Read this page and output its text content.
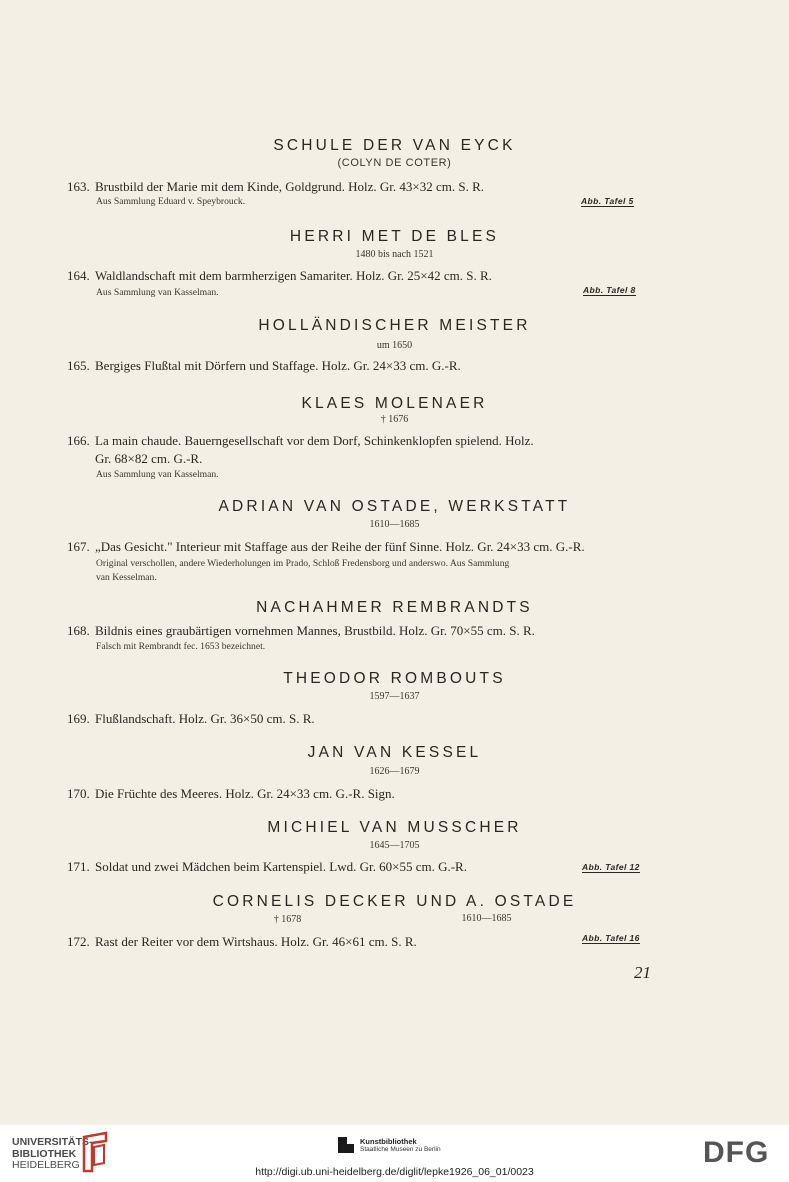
SCHULE DER VAN EYCK
(COLYN DE COTER)
163. Brustbild der Marie mit dem Kinde, Goldgrund. Holz. Gr. 43×32 cm. S. R.
Aus Sammlung Eduard v. Speybrouck.	Abb. Tafel 5
HERRI MET DE BLES
1480 bis nach 1521
164. Waldlandschaft mit dem barmherzigen Samariter. Holz. Gr. 25×42 cm. S. R.
Aus Sammlung van Kasselman.	Abb. Tafel 8
HOLLÄNDISCHER MEISTER
um 1650
165. Bergiges Flußtal mit Dörfern und Staffage. Holz. Gr. 24×33 cm. G.-R.
KLAES MOLENAER
† 1676
166. La main chaude. Bauerngesellschaft vor dem Dorf, Schinkenklopfen spielend. Holz.
Gr. 68×82 cm. G.-R.
Aus Sammlung van Kasselman.
ADRIAN VAN OSTADE, WERKSTATT
1610—1685
167. „Das Gesicht." Interieur mit Staffage aus der Reihe der fünf Sinne. Holz. Gr. 24×33 cm. G.-R.
Original verschollen, andere Wiederholungen im Prado, Schloß Fredensborg und anderswo. Aus Sammlung
van Kesselman.
NACHAHMER REMBRANDTS
168. Bildnis eines graubärtigen vornehmen Mannes, Brustbild. Holz. Gr. 70×55 cm. S. R.
Falsch mit Rembrandt fec. 1653 bezeichnet.
THEODOR ROMBOUTS
1597—1637
169. Flußlandschaft. Holz. Gr. 36×50 cm. S. R.
JAN VAN KESSEL
1626—1679
170. Die Früchte des Meeres. Holz. Gr. 24×33 cm. G.-R. Sign.
MICHIEL VAN MUSSCHER
1645—1705
171. Soldat und zwei Mädchen beim Kartenspiel. Lwd. Gr. 60×55 cm. G.-R.	Abb. Tafel 12
CORNELIS DECKER UND A. OSTADE
† 1678	1610—1685
172. Rast der Reiter vor dem Wirtshaus. Holz. Gr. 46×61 cm. S. R.	Abb. Tafel 16
21
UNIVERSITÄTS-
BIBLIOTHEK
HEIDELBERG
Kunstbibliothek
Staatliche Museen zu Berlin	DFG
http://digi.ub.uni-heidelberg.de/diglit/lepke1926_06_01/0023
